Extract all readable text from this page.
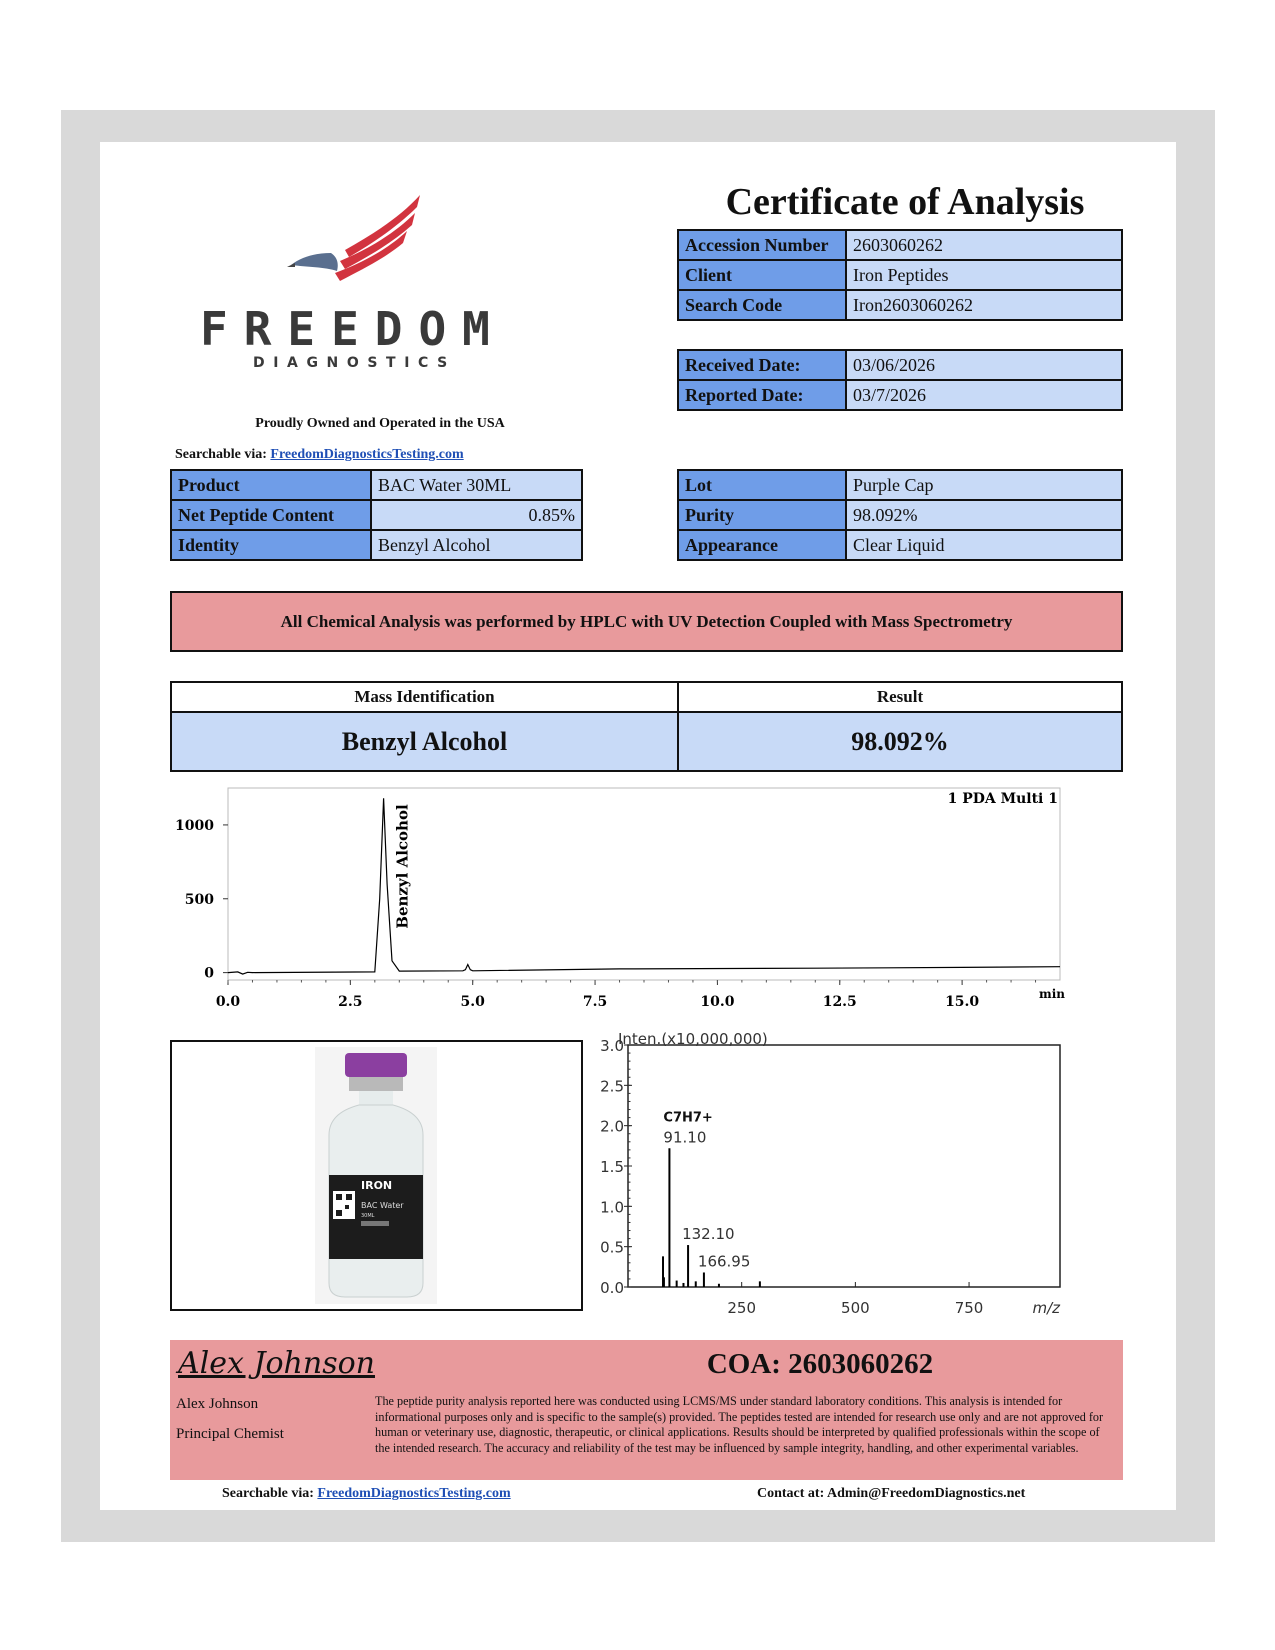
FREEDOM
DIAGNOSTICS
Proudly Owned and Operated in the USA
Searchable via: FreedomDiagnosticsTesting.com
Certificate of Analysis
Accession Number	2603060262
Client	Iron Peptides
Search Code	Iron2603060262
Received Date:	03/06/2026
Reported Date:	03/7/2026
Product	BAC Water 30ML
Net Peptide Content	0.85%
Identity	Benzyl Alcohol
Lot	Purple Cap
Purity	98.092%
Appearance	Clear Liquid
All Chemical Analysis was performed by HPLC with UV Detection Coupled with Mass Spectrometry
Mass Identification	Result
Benzyl Alcohol	98.092%
0.0	2.5	5.0	7.5	10.0	12.5	15.0
0
500
1000
min
1 PDA Multi 1
Benzyl Alcohol
IRON
BAC Water
30ML
0.0
0.5
1.0
1.5
2.0
2.5
3.0
250	500	750	m/z
Inten.(x10,000,000)
91.10
132.10
166.95
C7H7+
Alex Johnson
Alex Johnson
Principal Chemist
COA: 2603060262
The peptide purity analysis reported here was conducted using LCMS/MS under standard laboratory conditions. This analysis is intended for informational purposes only and is specific to the sample(s) provided. The peptides tested are intended for research use only and are not approved for human or veterinary use, diagnostic, therapeutic, or clinical applications. Results should be interpreted by qualified professionals within the scope of the intended research. The accuracy and reliability of the test may be influenced by sample integrity, handling, and other experimental variables.
Searchable via: FreedomDiagnosticsTesting.com	Contact at: Admin@FreedomDiagnostics.net
